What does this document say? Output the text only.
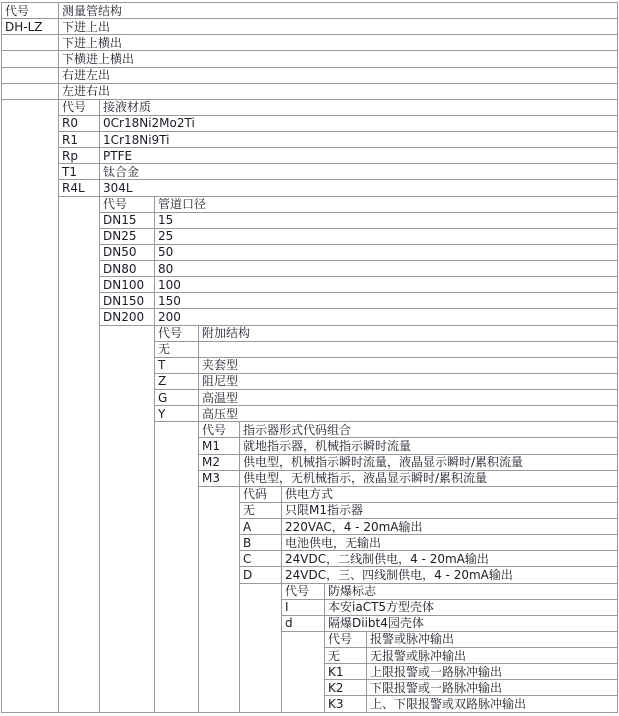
代号	测量管结构							
DH-LZ	下进上出							
	下进上横出							
	下横进上横出							
	右进左出							
	左进右出							
	代号	接液材质						
	R0	0Cr18Ni2Mo2Ti						
	R1	1Cr18Ni9Ti						
	Rp	PTFE						
	T1	钛合金						
	R4L	304L						
		代号	管道口径					
		DN15	15					
		DN25	25					
		DN50	50					
		DN80	80					
		DN100	100					
		DN150	150					
		DN200	200					
			代号	附加结构				
			无					
			T	夹套型				
			Z	阻尼型				
			G	高温型				
			Y	高压型				
				代号	指示器形式代码组合			
				M1	就地指示器，机械指示瞬时流量			
				M2	供电型，机械指示瞬时流量，液晶显示瞬时/累积流量			
				M3	供电型，无机械指示，液晶显示瞬时/累积流量			
					代码	供电方式		
					无	只限M1指示器		
					A	220VAC，4 - 20mA输出		
					B	电池供电，无输出		
					C	24VDC，二线制供电，4 - 20mA输出		
					D	24VDC，三、四线制供电，4 - 20mA输出		
						代号	防爆标志	
						I	本安iaCT5方型壳体	
						d	隔爆Diibt4园壳体	
							代号	报警或脉冲输出
							无	无报警或脉冲输出
							K1	上限报警或一路脉冲输出
							K2	下限报警或一路脉冲输出
							K3	上、下限报警或双路脉冲输出
